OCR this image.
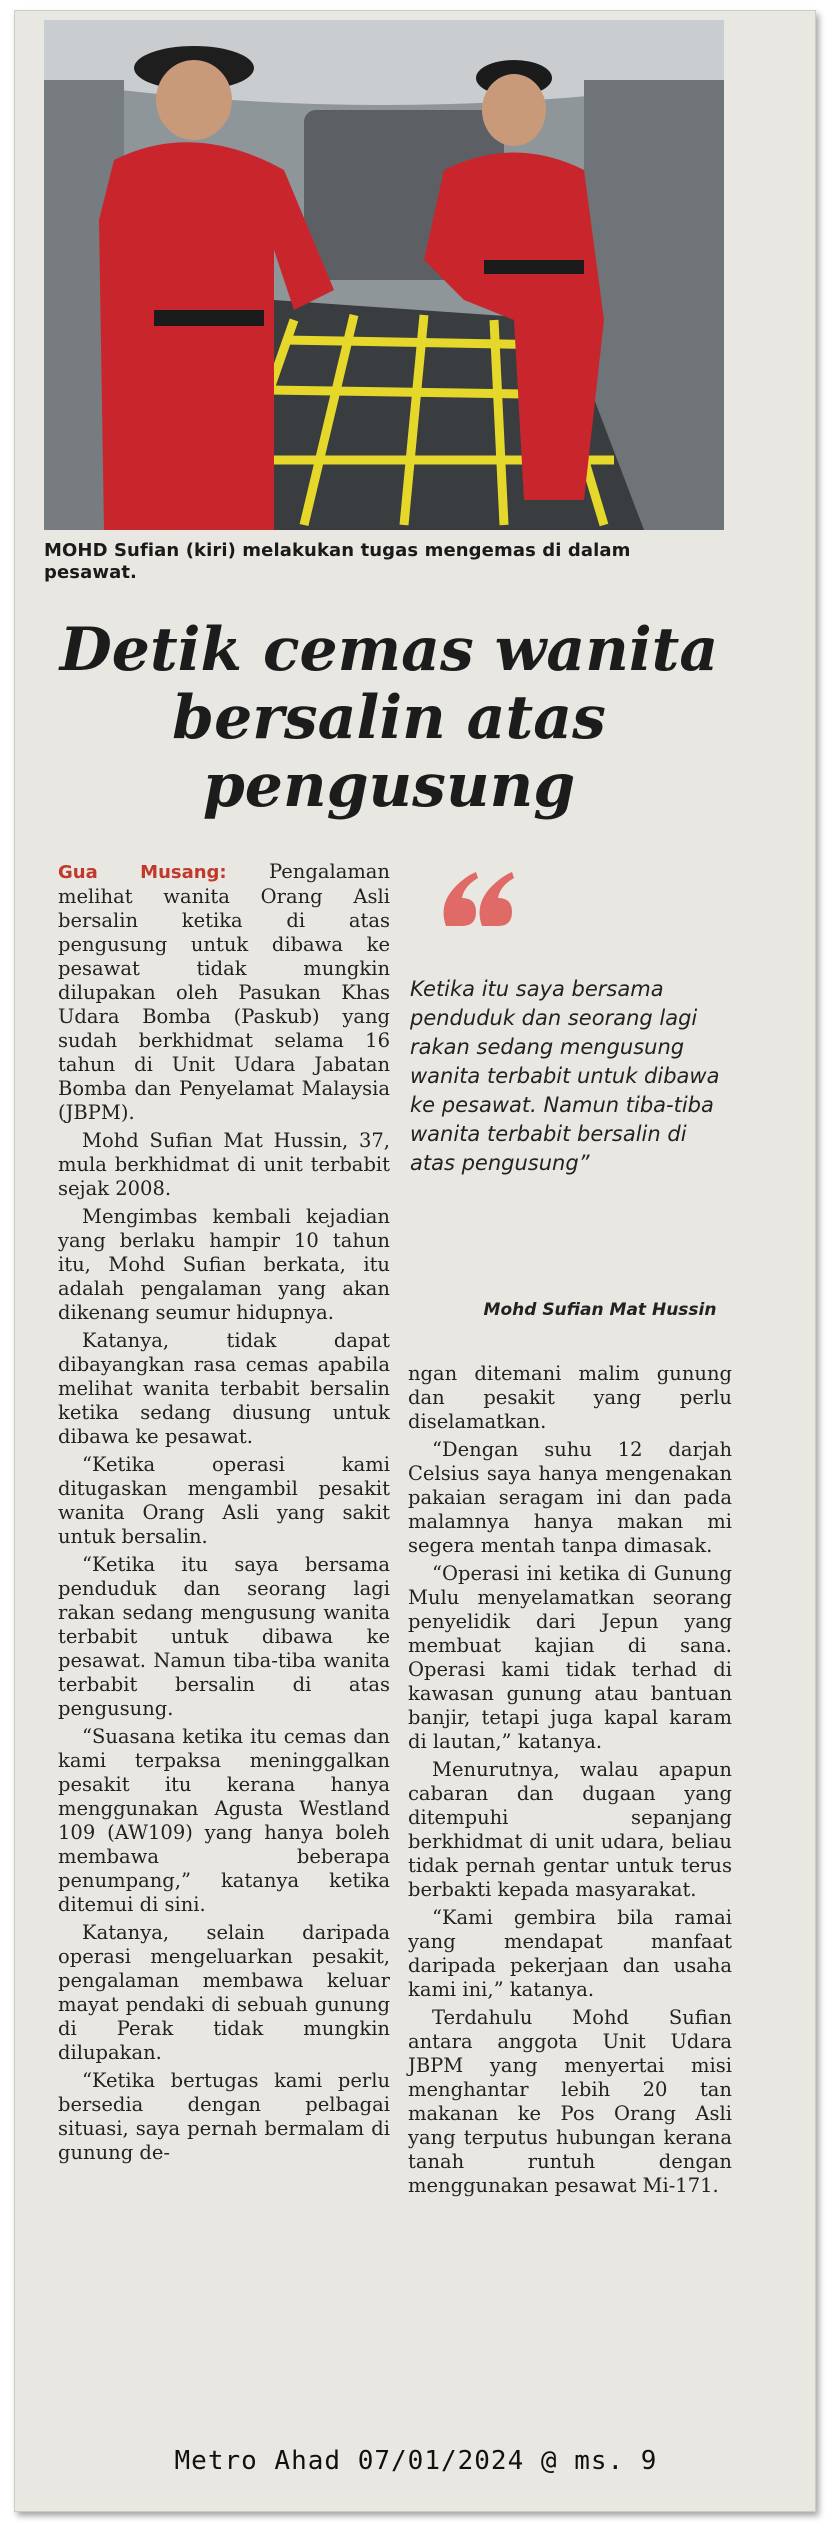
MOHD Sufian (kiri) melakukan tugas mengemas di dalam pesawat.
Detik cemas wanita bersalin atas pengusung

Gua Musang: Pengalaman melihat wanita Orang Asli bersalin ketika di atas pengusung untuk dibawa ke pesawat tidak mungkin dilupakan oleh Pasukan Khas Udara Bomba (Paskub) yang sudah berkhidmat selama 16 tahun di Unit Udara Jabatan Bomba dan Penyelamat Malaysia (JBPM).

Mohd Sufian Mat Hussin, 37, mula berkhidmat di unit terbabit sejak 2008.

Mengimbas kembali kejadian yang berlaku hampir 10 tahun itu, Mohd Sufian berkata, itu adalah pengalaman yang akan dikenang seumur hidupnya.

Katanya, tidak dapat dibayangkan rasa cemas apabila melihat wanita terbabit bersalin ketika sedang diusung untuk dibawa ke pesawat.

“Ketika operasi kami ditugaskan mengambil pesakit wanita Orang Asli yang sakit untuk bersalin.

“Ketika itu saya bersama penduduk dan seorang lagi rakan sedang mengusung wanita terbabit untuk dibawa ke pesawat. Namun tiba-tiba wanita terbabit bersalin di atas pengusung.

“Suasana ketika itu cemas dan kami terpaksa meninggalkan pesakit itu kerana hanya menggunakan Agusta Westland 109 (AW109) yang hanya boleh membawa beberapa penumpang,” katanya ketika ditemui di sini.

Katanya, selain daripada operasi mengeluarkan pesakit, pengalaman membawa keluar mayat pendaki di sebuah gunung di Perak tidak mungkin dilupakan.

“Ketika bertugas kami perlu bersedia dengan pelbagai situasi, saya pernah bermalam di gunung de-

Ketika itu saya bersama penduduk dan seorang lagi rakan sedang mengusung wanita terbabit untuk dibawa ke pesawat. Namun tiba-tiba wanita terbabit bersalin di atas pengusung”
Mohd Sufian Mat Hussin

ngan ditemani malim gunung dan pesakit yang perlu diselamatkan.

“Dengan suhu 12 darjah Celsius saya hanya mengenakan pakaian seragam ini dan pada malamnya hanya makan mi segera mentah tanpa dimasak.

“Operasi ini ketika di Gunung Mulu menyelamatkan seorang penyelidik dari Jepun yang membuat kajian di sana. Operasi kami tidak terhad di kawasan gunung atau bantuan banjir, tetapi juga kapal karam di lautan,” katanya.

Menurutnya, walau apapun cabaran dan dugaan yang ditempuhi sepanjang berkhidmat di unit udara, beliau tidak pernah gentar untuk terus berbakti kepada masyarakat.

“Kami gembira bila ramai yang mendapat manfaat daripada pekerjaan dan usaha kami ini,” katanya.

Terdahulu Mohd Sufian antara anggota Unit Udara JBPM yang menyertai misi menghantar lebih 20 tan makanan ke Pos Orang Asli yang terputus hubungan kerana tanah runtuh dengan menggunakan pesawat Mi-171.

Metro Ahad 07/01/2024 @ ms. 9
